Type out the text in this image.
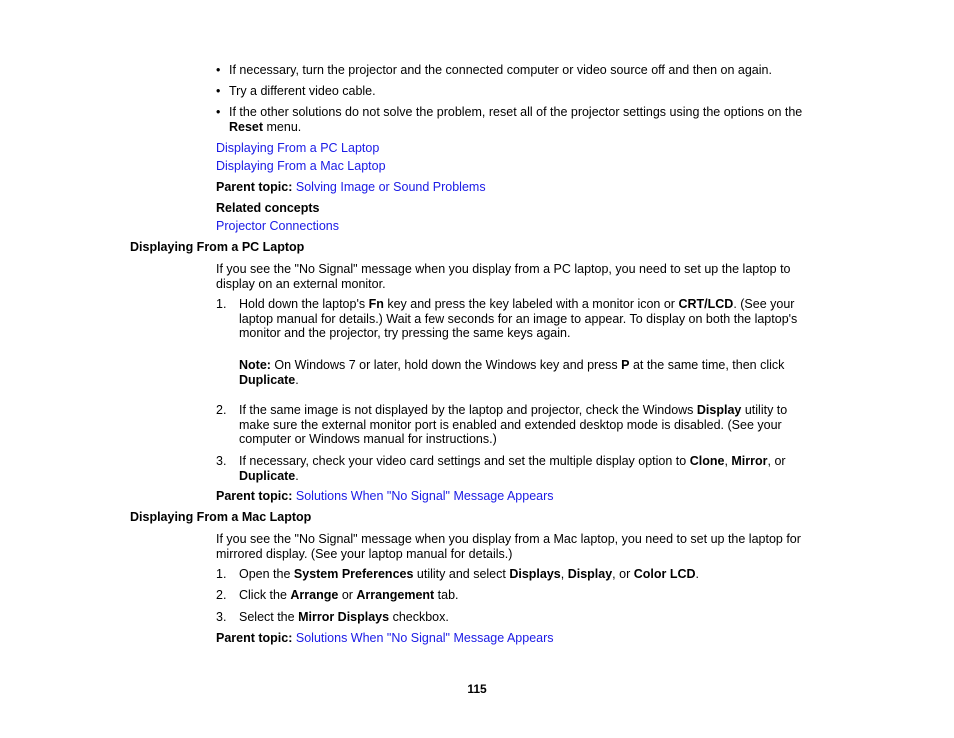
• If necessary, turn the projector and the connected computer or video source off and then on again.
• Try a different video cable.
• If the other solutions do not solve the problem, reset all of the projector settings using the options on the Reset menu.
Displaying From a PC Laptop
Displaying From a Mac Laptop
Parent topic: Solving Image or Sound Problems
Related concepts
Projector Connections
Displaying From a PC Laptop
If you see the "No Signal" message when you display from a PC laptop, you need to set up the laptop to display on an external monitor.
1. Hold down the laptop's Fn key and press the key labeled with a monitor icon or CRT/LCD. (See your laptop manual for details.) Wait a few seconds for an image to appear. To display on both the laptop's monitor and the projector, try pressing the same keys again.
Note: On Windows 7 or later, hold down the Windows key and press P at the same time, then click Duplicate.
2. If the same image is not displayed by the laptop and projector, check the Windows Display utility to make sure the external monitor port is enabled and extended desktop mode is disabled. (See your computer or Windows manual for instructions.)
3. If necessary, check your video card settings and set the multiple display option to Clone, Mirror, or Duplicate.
Parent topic: Solutions When "No Signal" Message Appears
Displaying From a Mac Laptop
If you see the "No Signal" message when you display from a Mac laptop, you need to set up the laptop for mirrored display. (See your laptop manual for details.)
1. Open the System Preferences utility and select Displays, Display, or Color LCD.
2. Click the Arrange or Arrangement tab.
3. Select the Mirror Displays checkbox.
Parent topic: Solutions When "No Signal" Message Appears
115
